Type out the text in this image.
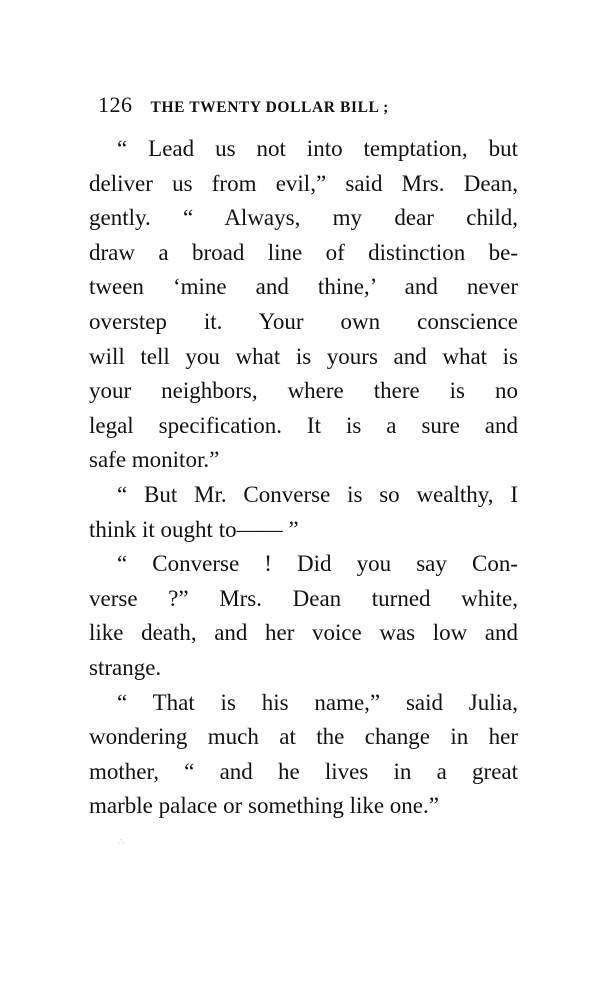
126 THE TWENTY DOLLAR BILL ;
“ Lead us not into temptation, but
deliver us from evil,” said Mrs. Dean,
gently. “ Always, my dear child,
draw a broad line of distinction be-
tween ‘mine and thine,’ and never
overstep it. Your own conscience
will tell you what is yours and what is
your neighbors, where there is no
legal specification. It is a sure and
safe monitor.”
“ But Mr. Converse is so wealthy, I
think it ought to—— ”
“ Converse ! Did you say Con-
verse ?” Mrs. Dean turned white,
like death, and her voice was low and
strange.
“ That is his name,” said Julia,
wondering much at the change in her
mother, “ and he lives in a great
marble palace or something like one.”
∴
